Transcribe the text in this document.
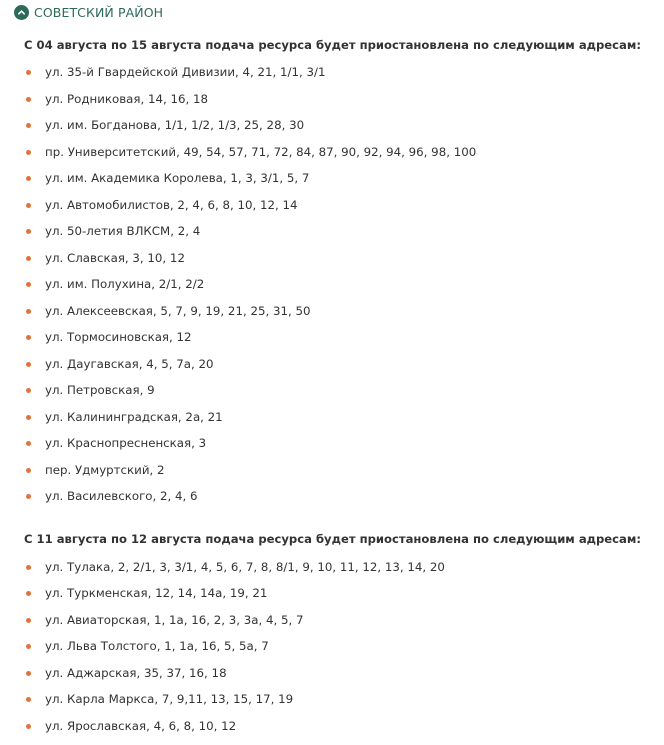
СОВЕТСКИЙ РАЙОН

С 04 августа по 15 августа подача ресурса будет приостановлена по следующим адресам:

ул. 35-й Гвардейской Дивизии, 4, 21, 1/1, 3/1
ул. Родниковая, 14, 16, 18
ул. им. Богданова, 1/1, 1/2, 1/3, 25, 28, 30
пр. Университетский, 49, 54, 57, 71, 72, 84, 87, 90, 92, 94, 96, 98, 100
ул. им. Академика Королева, 1, 3, 3/1, 5, 7
ул. Автомобилистов, 2, 4, 6, 8, 10, 12, 14
ул. 50-летия ВЛКСМ, 2, 4
ул. Славская, 3, 10, 12
ул. им. Полухина, 2/1, 2/2
ул. Алексеевская, 5, 7, 9, 19, 21, 25, 31, 50
ул. Тормосиновская, 12
ул. Даугавская, 4, 5, 7а, 20
ул. Петровская, 9
ул. Калининградская, 2а, 21
ул. Краснопресненская, 3
пер. Удмуртский, 2
ул. Василевского, 2, 4, 6

С 11 августа по 12 августа подача ресурса будет приостановлена по следующим адресам:

ул. Тулака, 2, 2/1, 3, 3/1, 4, 5, 6, 7, 8, 8/1, 9, 10, 11, 12, 13, 14, 20
ул. Туркменская, 12, 14, 14а, 19, 21
ул. Авиаторская, 1, 1а, 16, 2, 3, 3а, 4, 5, 7
ул. Льва Толстого, 1, 1а, 16, 5, 5а, 7
ул. Аджарская, 35, 37, 16, 18
ул. Карла Маркса, 7, 9,11, 13, 15, 17, 19
ул. Ярославская, 4, 6, 8, 10, 12
